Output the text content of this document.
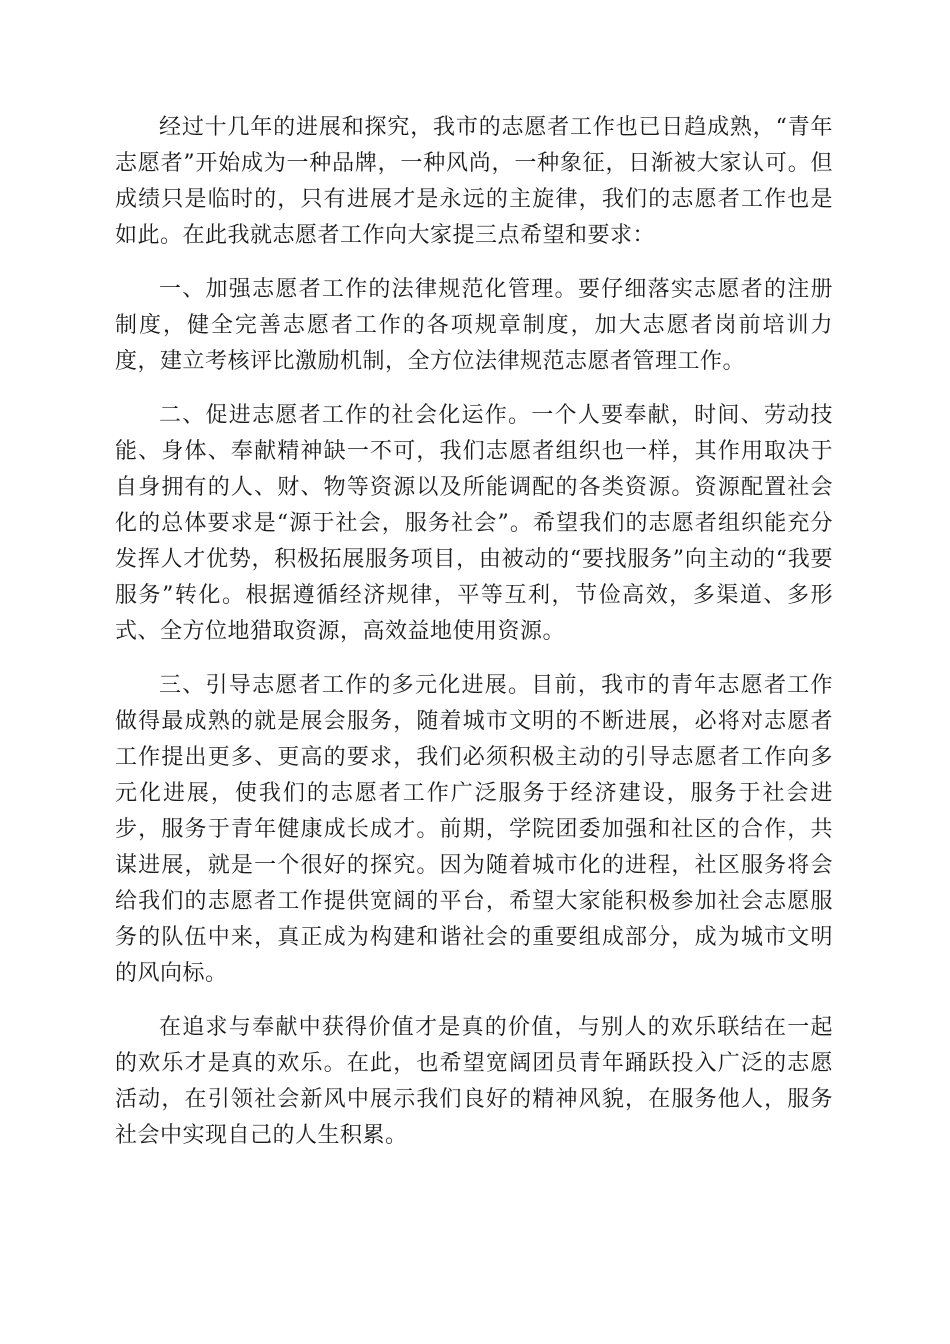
经过十几年的进展和探究，我市的志愿者工作也已日趋成熟，“青年志愿者”开始成为一种品牌，一种风尚，一种象征，日渐被大家认可。但成绩只是临时的，只有进展才是永远的主旋律，我们的志愿者工作也是如此。在此我就志愿者工作向大家提三点希望和要求：

一、加强志愿者工作的法律规范化管理。要仔细落实志愿者的注册制度，健全完善志愿者工作的各项规章制度，加大志愿者岗前培训力度，建立考核评比激励机制，全方位法律规范志愿者管理工作。

二、促进志愿者工作的社会化运作。一个人要奉献，时间、劳动技能、身体、奉献精神缺一不可，我们志愿者组织也一样，其作用取决于自身拥有的人、财、物等资源以及所能调配的各类资源。资源配置社会化的总体要求是“源于社会，服务社会”。希望我们的志愿者组织能充分发挥人才优势，积极拓展服务项目，由被动的“要找服务”向主动的“我要服务”转化。根据遵循经济规律，平等互利，节俭高效，多渠道、多形式、全方位地猎取资源，高效益地使用资源。

三、引导志愿者工作的多元化进展。目前，我市的青年志愿者工作做得最成熟的就是展会服务，随着城市文明的不断进展，必将对志愿者工作提出更多、更高的要求，我们必须积极主动的引导志愿者工作向多元化进展，使我们的志愿者工作广泛服务于经济建设，服务于社会进步，服务于青年健康成长成才。前期，学院团委加强和社区的合作，共谋进展，就是一个很好的探究。因为随着城市化的进程，社区服务将会给我们的志愿者工作提供宽阔的平台，希望大家能积极参加社会志愿服务的队伍中来，真正成为构建和谐社会的重要组成部分，成为城市文明的风向标。

在追求与奉献中获得价值才是真的价值，与别人的欢乐联结在一起的欢乐才是真的欢乐。在此，也希望宽阔团员青年踊跃投入广泛的志愿活动，在引领社会新风中展示我们良好的精神风貌，在服务他人，服务社会中实现自己的人生积累。
